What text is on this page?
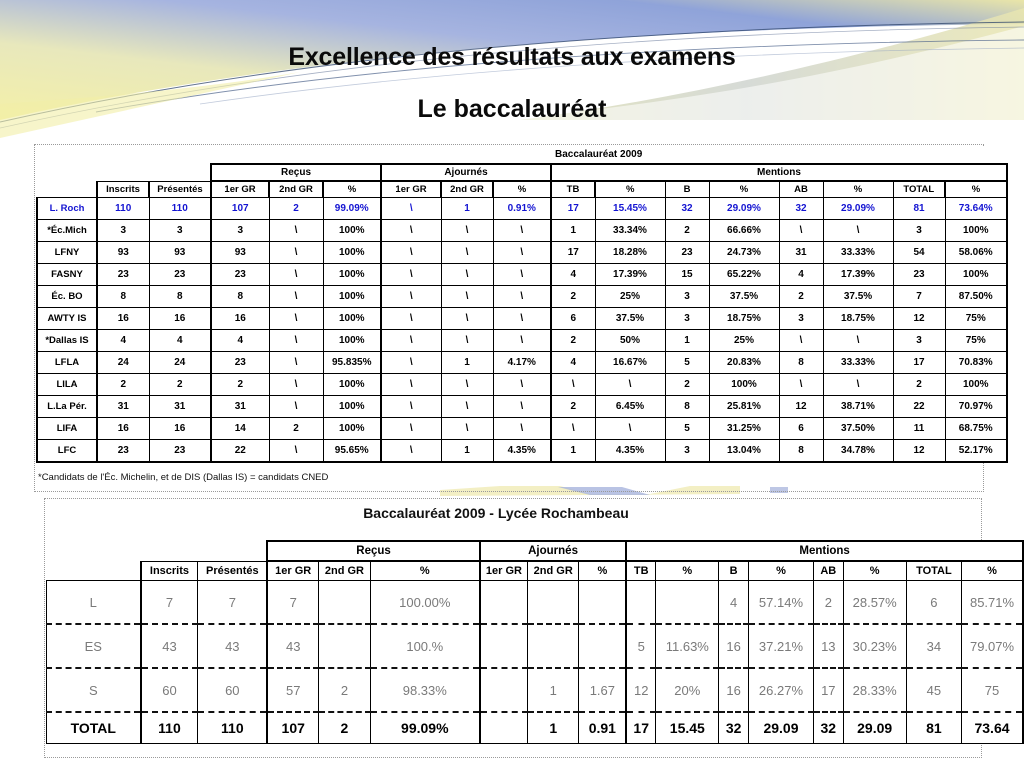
Excellence des résultats aux examens
Le baccalauréat
									Baccalauréat 2009							
			Reçus			Ajournés			Mentions							
	Inscrits	Présentés	1er GR	2nd GR	%	1er GR	2nd GR	%	TB	%	B	%	AB	%	TOTAL	%
L. Roch	110	110	107	2	99.09%	\	1	0.91%	17	15.45%	32	29.09%	32	29.09%	81	73.64%
*Éc.Mich	3	3	3	\	100%	\	\	\	1	33.34%	2	66.66%	\	\	3	100%
LFNY	93	93	93	\	100%	\	\	\	17	18.28%	23	24.73%	31	33.33%	54	58.06%
FASNY	23	23	23	\	100%	\	\	\	4	17.39%	15	65.22%	4	17.39%	23	100%
Éc. BO	8	8	8	\	100%	\	\	\	2	25%	3	37.5%	2	37.5%	7	87.50%
AWTY IS	16	16	16	\	100%	\	\	\	6	37.5%	3	18.75%	3	18.75%	12	75%
*Dallas IS	4	4	4	\	100%	\	\	\	2	50%	1	25%	\	\	3	75%
LFLA	24	24	23	\	95.835%	\	1	4.17%	4	16.67%	5	20.83%	8	33.33%	17	70.83%
LILA	2	2	2	\	100%	\	\	\	\	\	2	100%	\	\	2	100%
L.La Pér.	31	31	31	\	100%	\	\	\	2	6.45%	8	25.81%	12	38.71%	22	70.97%
LIFA	16	16	14	2	100%	\	\	\	\	\	5	31.25%	6	37.50%	11	68.75%
LFC	23	23	22	\	95.65%	\	1	4.35%	1	4.35%	3	13.04%	8	34.78%	12	52.17%
*Candidats de l'Éc. Michelin, et de DIS (Dallas IS) = candidats CNED
Baccalauréat 2009 - Lycée Rochambeau
			Reçus			Ajournés			Mentions							
	Inscrits	Présentés	1er GR	2nd GR	%	1er GR	2nd GR	%	TB	%	B	%	AB	%	TOTAL	%
L	7	7	7		100.00%						4	57.14%	2	28.57%	6	85.71%
ES	43	43	43		100.%				5	11.63%	16	37.21%	13	30.23%	34	79.07%
S	60	60	57	2	98.33%		1	1.67	12	20%	16	26.27%	17	28.33%	45	75
TOTAL	110	110	107	2	99.09%		1	0.91	17	15.45	32	29.09	32	29.09	81	73.64
